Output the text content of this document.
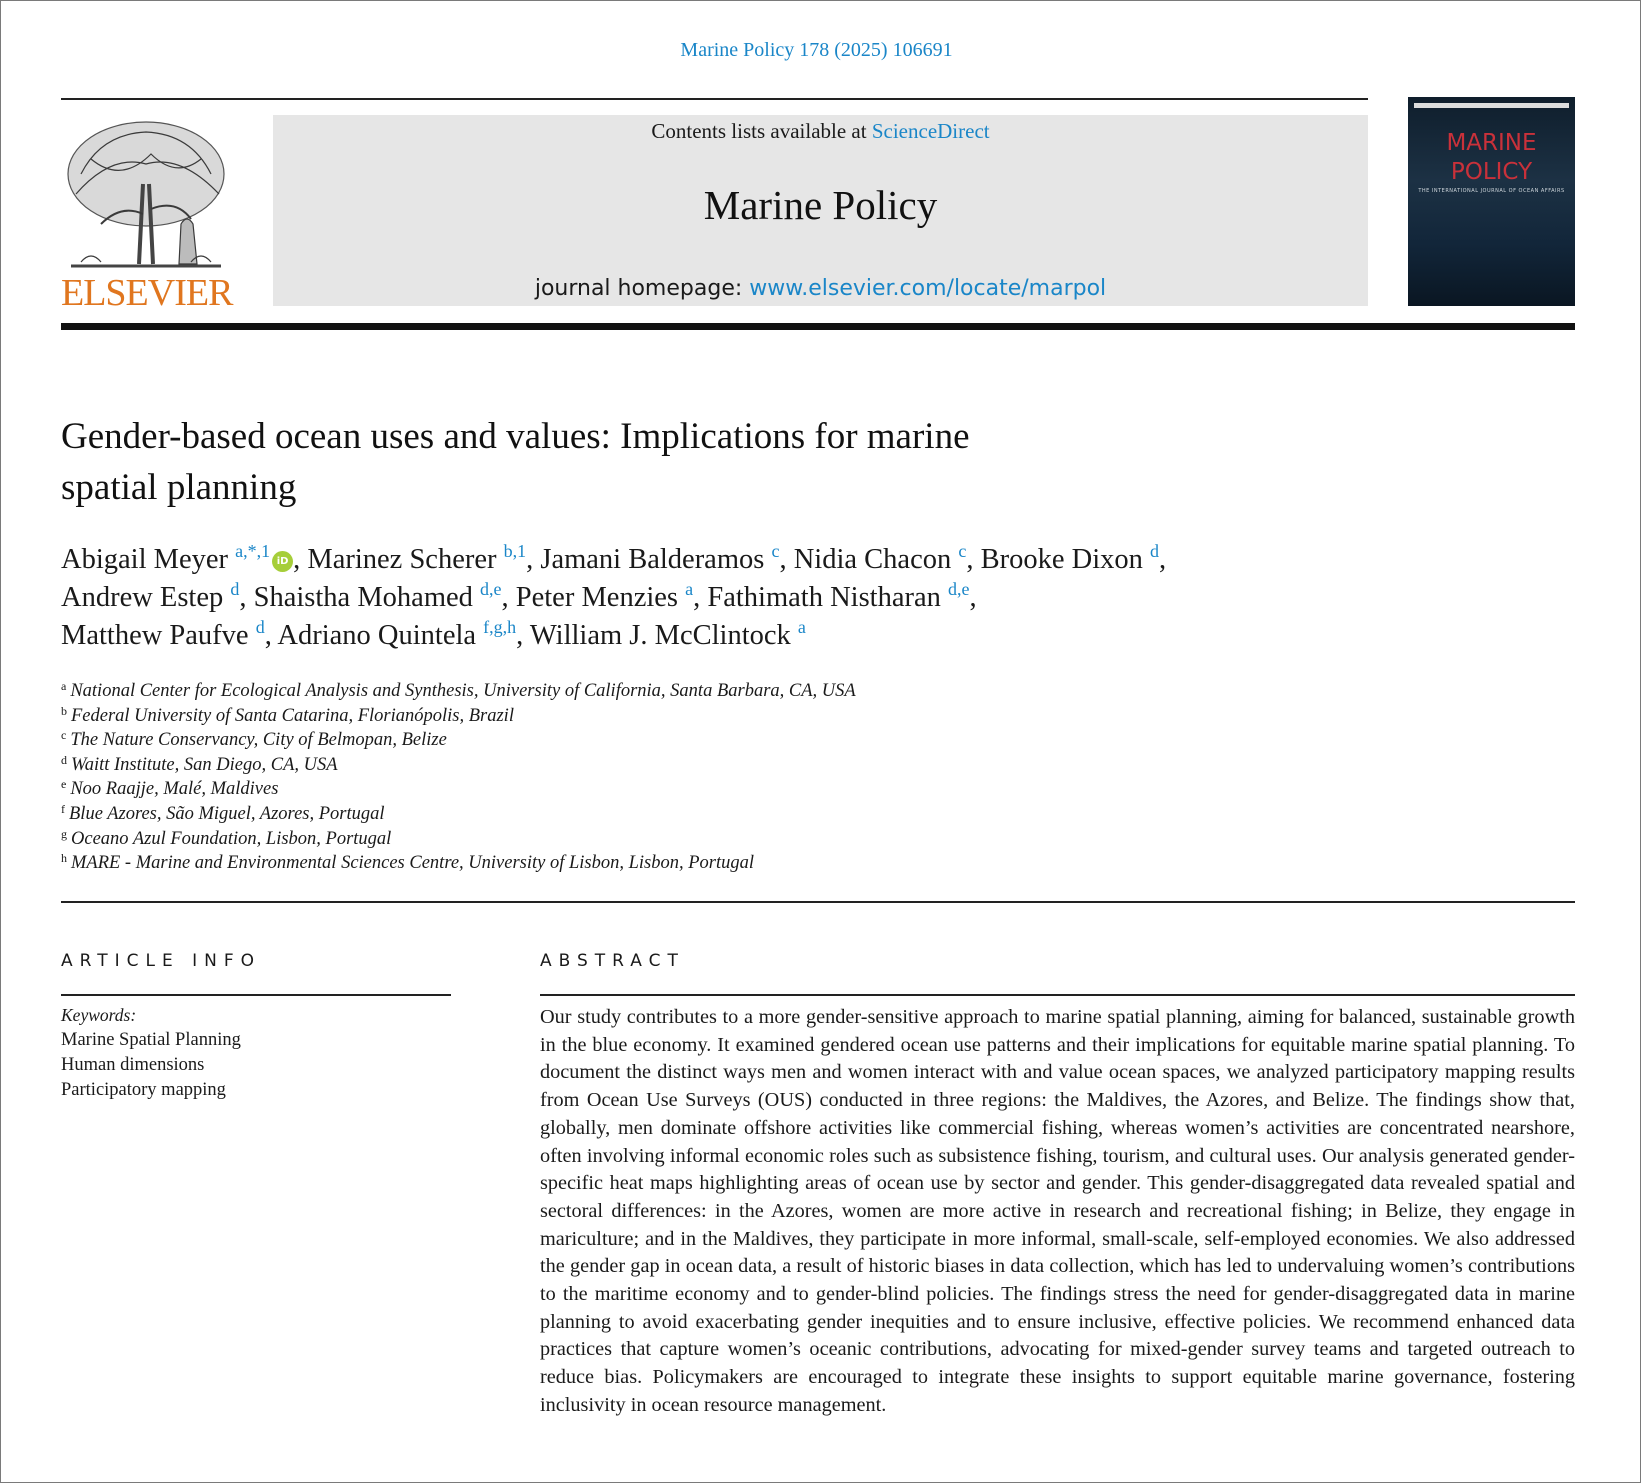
Marine Policy 178 (2025) 106691
ELSEVIER
Contents lists available at ScienceDirect
Marine Policy
journal homepage: www.elsevier.com/locate/marpol
MARINE
POLICY
THE INTERNATIONAL JOURNAL OF OCEAN AFFAIRS
Gender-based ocean uses and values: Implications for marine
spatial planning
Abigail Meyer $^{a,*,1}$iD , Marinez Scherer $^{b,1}$, Jamani Balderamos $^c$, Nidia Chacon $^c$, Brooke Dixon $^d$,
Andrew Estep $^d$, Shaistha Mohamed $^{d,e}$, Peter Menzies $^a$, Fathimath Nistharan $^{d,e}$,
Matthew Paufve $^d$, Adriano Quintela $^{f,g,h}$, William J. McClintock $^a$
$^a$ National Center for Ecological Analysis and Synthesis, University of California, Santa Barbara, CA, USA
$^b$ Federal University of Santa Catarina, Florianópolis, Brazil
$^c$ The Nature Conservancy, City of Belmopan, Belize
$^d$ Waitt Institute, San Diego, CA, USA
$^e$ Noo Raajje, Malé, Maldives
$^f$ Blue Azores, São Miguel, Azores, Portugal
$^g$ Oceano Azul Foundation, Lisbon, Portugal
$^h$ MARE - Marine and Environmental Sciences Centre, University of Lisbon, Lisbon, Portugal
ARTICLE INFO
Keywords:
Marine Spatial Planning
Human dimensions
Participatory mapping
ABSTRACT
Our study contributes to a more gender-sensitive approach to marine spatial planning, aiming for balanced, sustainable growth in the blue economy. It examined gendered ocean use patterns and their implications for equitable marine spatial planning. To document the distinct ways men and women interact with and value ocean spaces, we analyzed participatory mapping results from Ocean Use Surveys (OUS) conducted in three regions: the Maldives, the Azores, and Belize. The findings show that, globally, men dominate offshore activities like commercial fishing, whereas women’s activities are concentrated nearshore, often involving informal economic roles such as subsistence fishing, tourism, and cultural uses. Our analysis generated gender-specific heat maps highlighting areas of ocean use by sector and gender. This gender-disaggregated data revealed spatial and sectoral differences: in the Azores, women are more active in research and recreational fishing; in Belize, they engage in mariculture; and in the Maldives, they participate in more informal, small-scale, self-employed economies. We also addressed the gender gap in ocean data, a result of historic biases in data collection, which has led to undervaluing women’s contributions to the maritime economy and to gender-blind policies. The findings stress the need for gender-disaggregated data in marine planning to avoid exacerbating gender inequities and to ensure inclusive, effective policies. We recommend enhanced data practices that capture women’s oceanic contributions, advocating for mixed-gender survey teams and targeted outreach to reduce bias. Policymakers are encouraged to integrate these insights to support equitable marine governance, fostering inclusivity in ocean resource management.
